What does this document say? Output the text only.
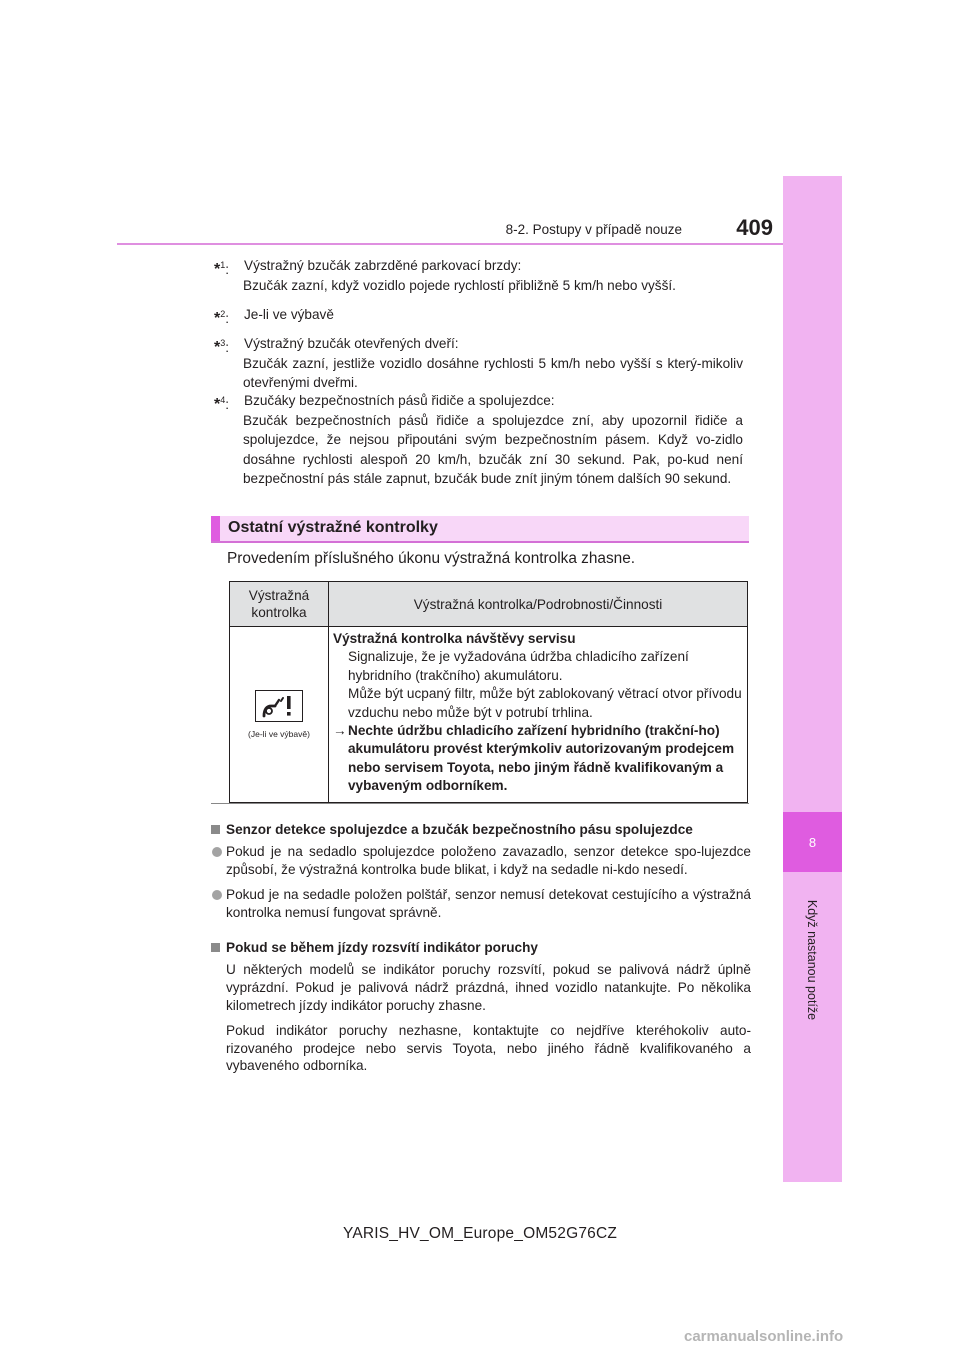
8
Když nastanou potíže
8-2. Postupy v případě nouze	409
*$^1$: Výstražný bzučák zabrzděné parkovací brzdy:
Bzučák zazní, když vozidlo pojede rychlostí přibližně 5 km/h nebo vyšší.
*$^2$: Je-li ve výbavě
*$^3$: Výstražný bzučák otevřených dveří:
Bzučák zazní, jestliže vozidlo dosáhne rychlosti 5 km/h nebo vyšší s který-mikoliv otevřenými dveřmi.
*$^4$: Bzučáky bezpečnostních pásů řidiče a spolujezdce:
Bzučák bezpečnostních pásů řidiče a spolujezdce zní, aby upozornil řidiče a spolujezdce, že nejsou připoutáni svým bezpečnostním pásem. Když vo-zidlo dosáhne rychlosti alespoň 20 km/h, bzučák zní 30 sekund. Pak, po-kud není bezpečnostní pás stále zapnut, bzučák bude znít jiným tónem dalších 90 sekund.
Ostatní výstražné kontrolky
Provedením příslušného úkonu výstražná kontrolka zhasne.
Výstražná kontrolka	Výstražná kontrolka/Podrobnosti/Činnosti

(Je-li ve výbavě)	Výstražná kontrolka návštěvy servisu
Signalizuje, že je vyžadována údržba chladicího zařízení hybridního (trakčního) akumulátoru.
Může být ucpaný filtr, může být zablokovaný větrací otvor přívodu vzduchu nebo může být v potrubí trhlina.
→ Nechte údržbu chladicího zařízení hybridního (trakční-ho) akumulátoru provést kterýmkoliv autorizovaným prodejcem nebo servisem Toyota, nebo jiným řádně kvalifikovaným a vybaveným odborníkem.
Senzor detekce spolujezdce a bzučák bezpečnostního pásu spolujezdce
Pokud je na sedadlo spolujezdce položeno zavazadlo, senzor detekce spo-lujezdce způsobí, že výstražná kontrolka bude blikat, i když na sedadle ni-kdo nesedí.
Pokud je na sedadle položen polštář, senzor nemusí detekovat cestujícího a výstražná kontrolka nemusí fungovat správně.
Pokud se během jízdy rozsvítí indikátor poruchy
U některých modelů se indikátor poruchy rozsvítí, pokud se palivová nádrž úplně vyprázdní. Pokud je palivová nádrž prázdná, ihned vozidlo natankujte. Po několika kilometrech jízdy indikátor poruchy zhasne.
Pokud indikátor poruchy nezhasne, kontaktujte co nejdříve kteréhokoliv auto-rizovaného prodejce nebo servis Toyota, nebo jiného řádně kvalifikovaného a vybaveného odborníka.
YARIS_HV_OM_Europe_OM52G76CZ
carmanualsonline.info
